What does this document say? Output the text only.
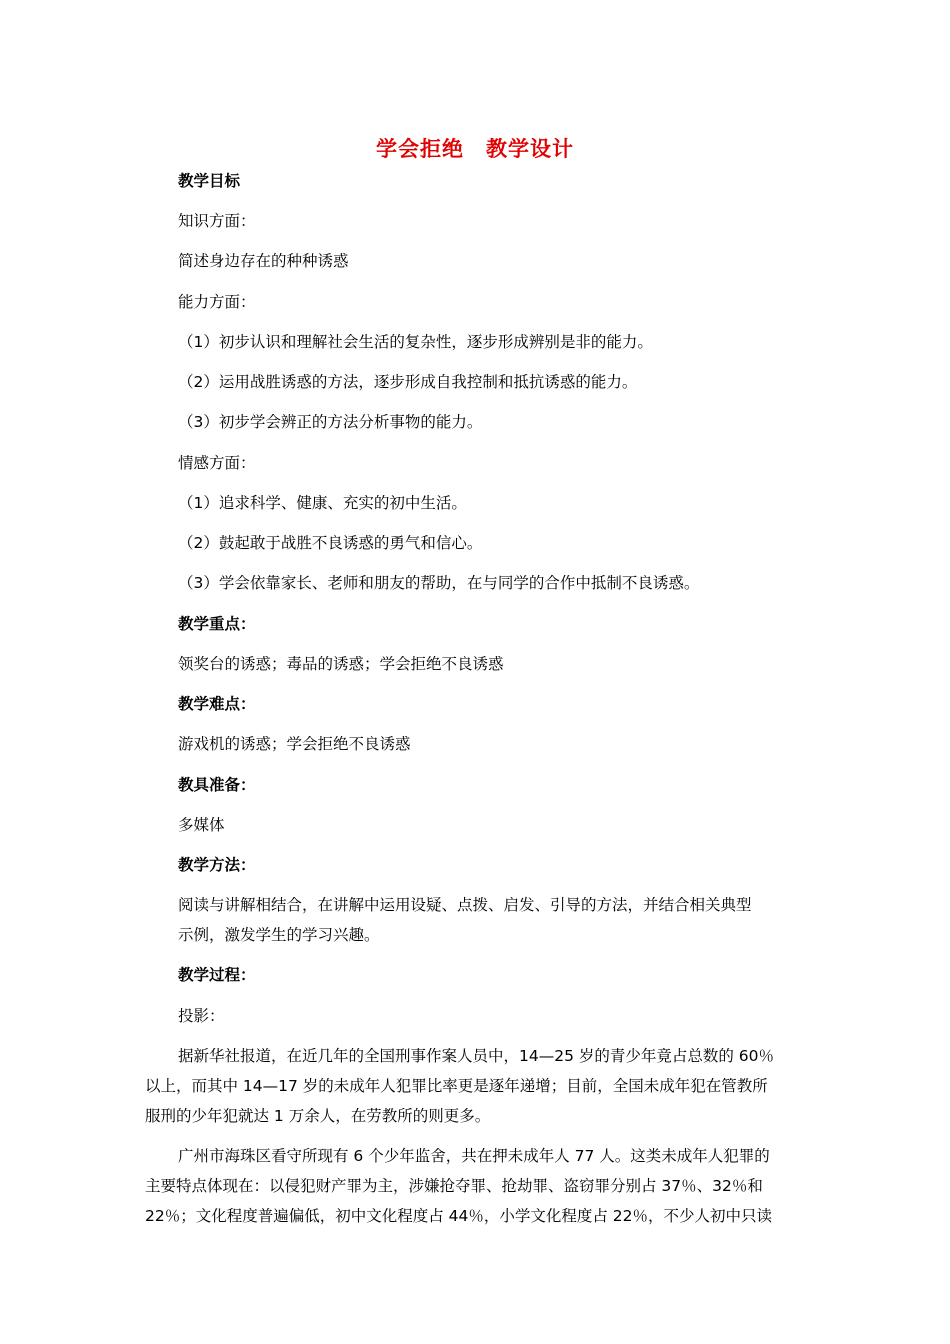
学会拒绝　教学设计
教学目标
知识方面：
简述身边存在的种种诱惑
能力方面：
（1）初步认识和理解社会生活的复杂性，逐步形成辨别是非的能力。
（2）运用战胜诱惑的方法，逐步形成自我控制和抵抗诱惑的能力。
（3）初步学会辨正的方法分析事物的能力。
情感方面：
（1）追求科学、健康、充实的初中生活。
（2）鼓起敢于战胜不良诱惑的勇气和信心。
（3）学会依靠家长、老师和朋友的帮助，在与同学的合作中抵制不良诱惑。
教学重点：
领奖台的诱惑；毒品的诱惑；学会拒绝不良诱惑
教学难点：
游戏机的诱惑；学会拒绝不良诱惑
教具准备：
多媒体
教学方法：
阅读与讲解相结合，在讲解中运用设疑、点拨、启发、引导的方法，并结合相关典型
示例，激发学生的学习兴趣。
教学过程：
投影：
据新华社报道，在近几年的全国刑事作案人员中，14—25 岁的青少年竟占总数的 60％
以上，而其中 14—17 岁的未成年人犯罪比率更是逐年递增；目前，全国未成年犯在管教所
服刑的少年犯就达 1 万余人，在劳教所的则更多。
广州市海珠区看守所现有 6 个少年监舍，共在押未成年人 77 人。这类未成年人犯罪的
主要特点体现在：以侵犯财产罪为主，涉嫌抢夺罪、抢劫罪、盗窃罪分别占 37％、32％和
22％；文化程度普遍偏低，初中文化程度占 44％，小学文化程度占 22％，不少人初中只读
